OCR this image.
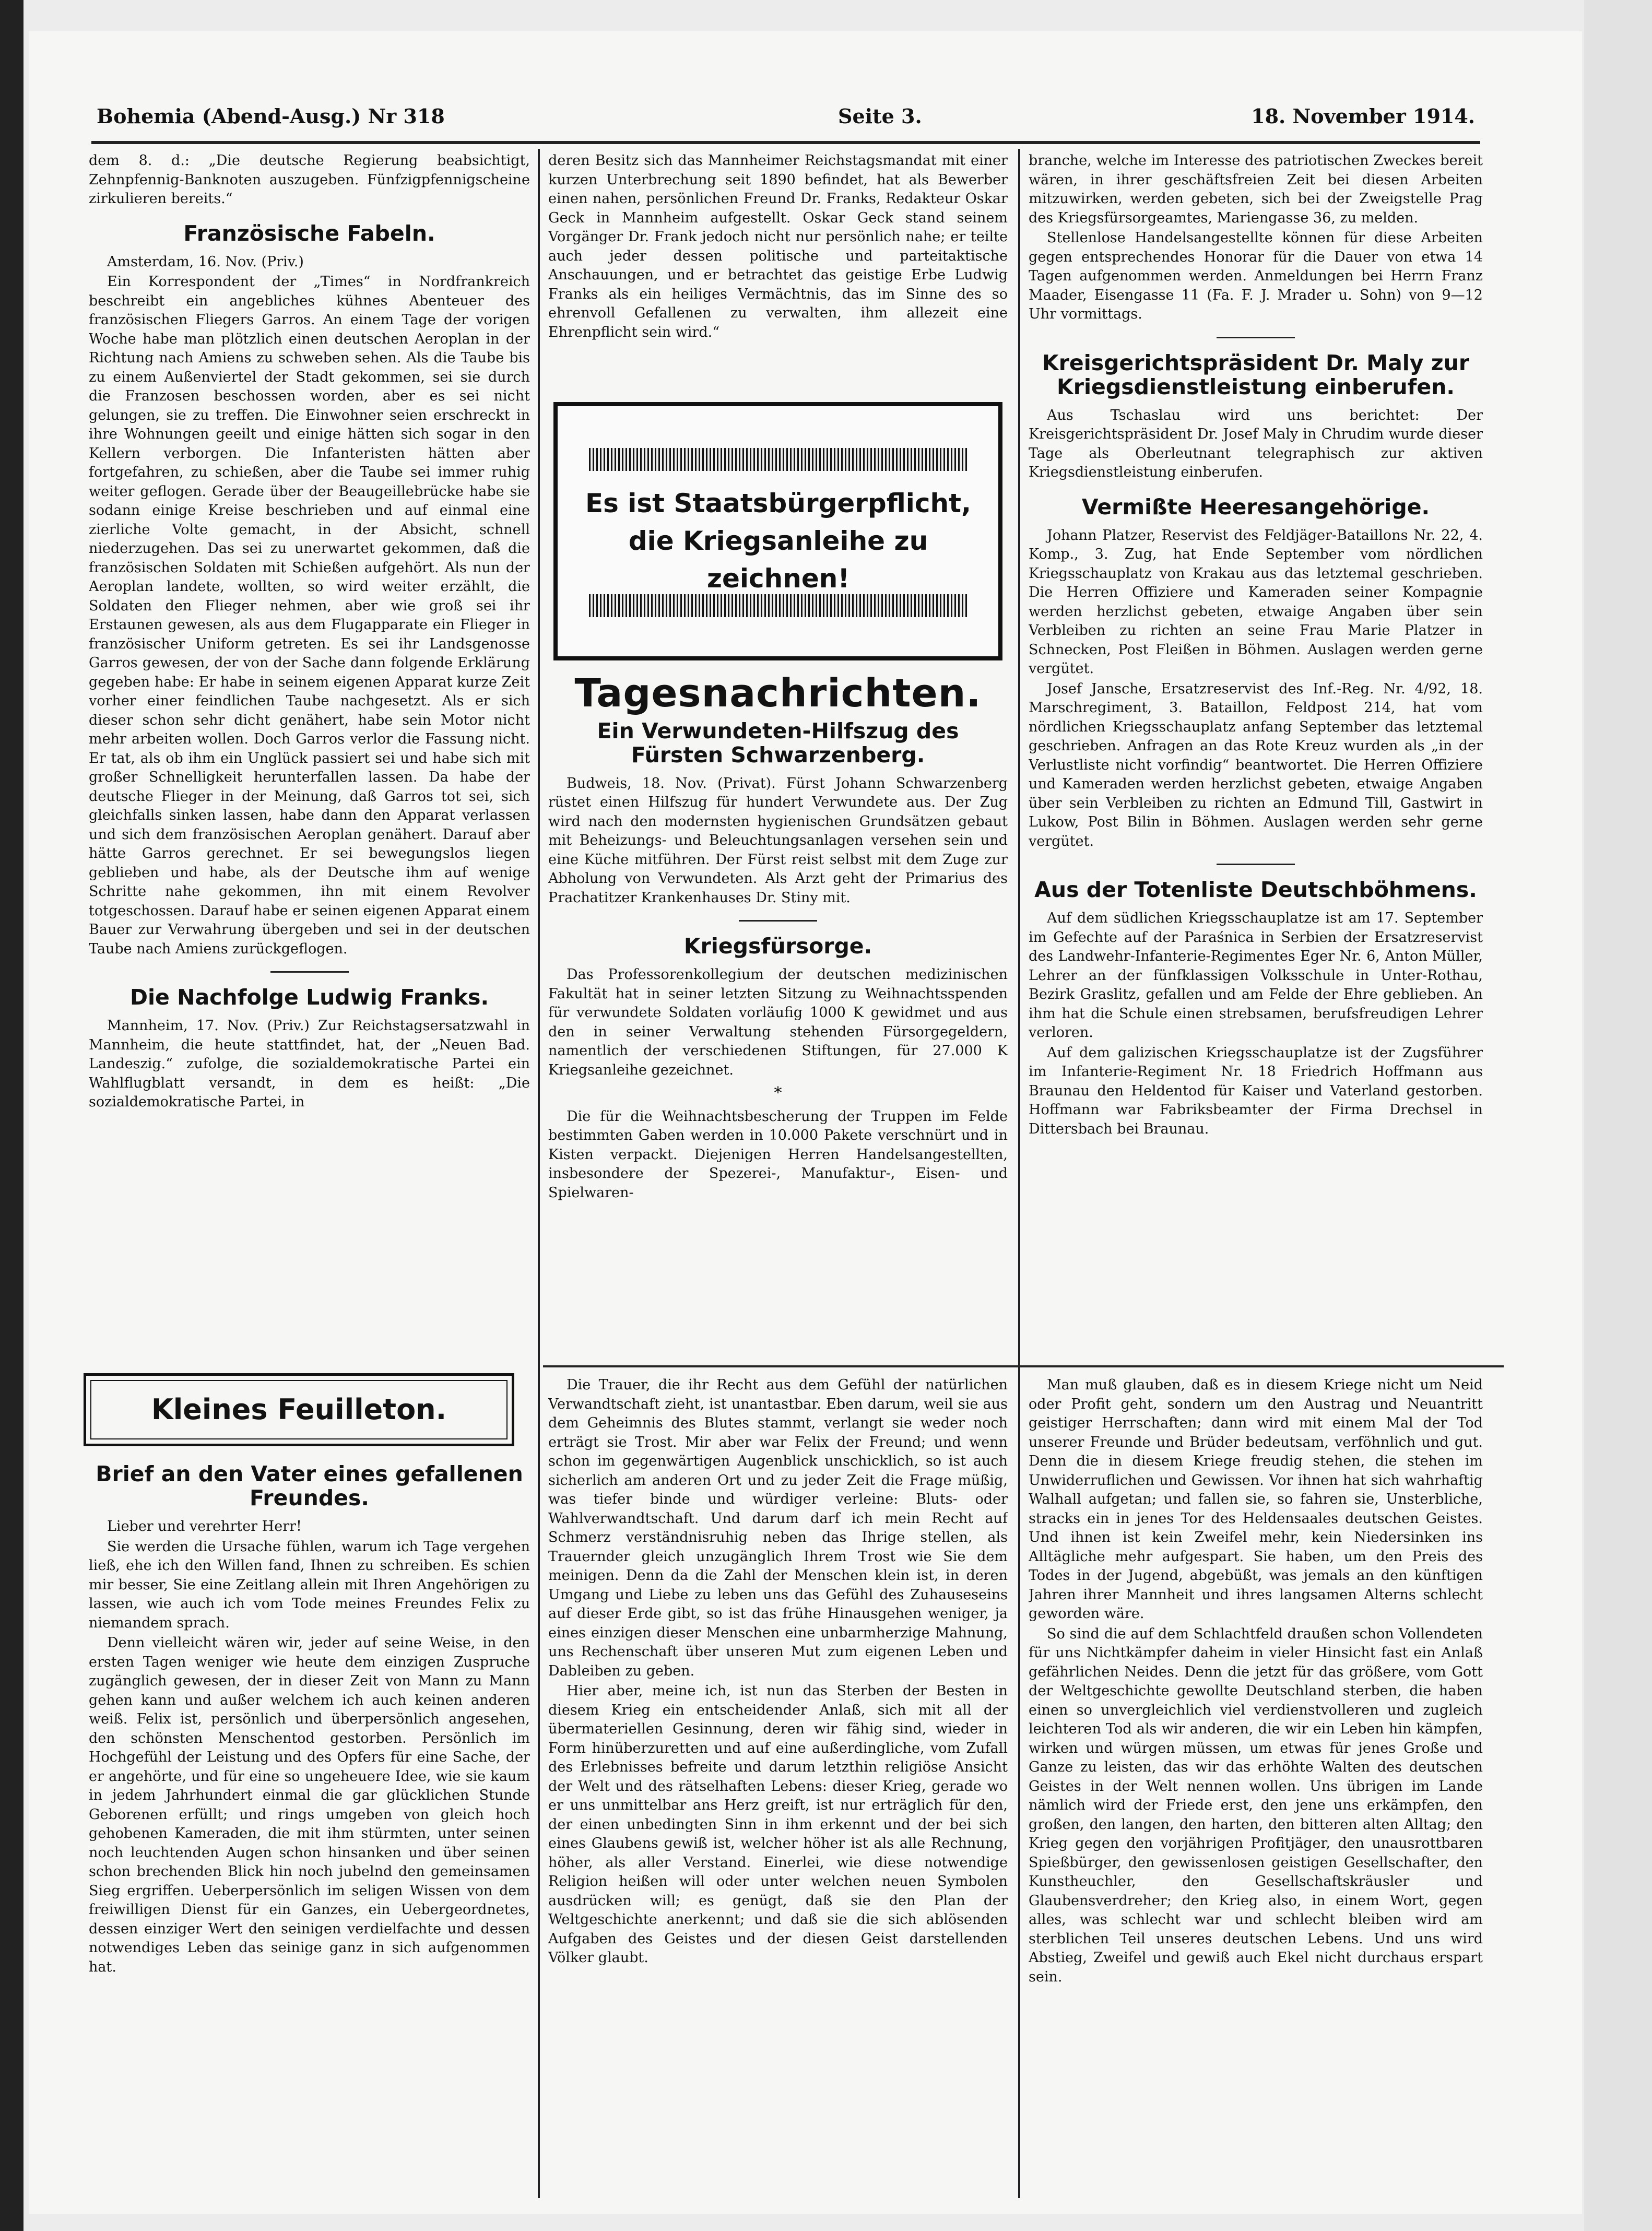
Bohemia (Abend-Ausg.) Nr 318	Seite 3.	18. November 1914.

dem 8. d.: „Die deutsche Regierung beabsichtigt, Zehnpfennig-Banknoten auszugeben. Fünfzigpfennigscheine zirkulieren bereits.“

Französische Fabeln.

Amsterdam, 16. Nov. (Priv.)

Ein Korrespondent der „Times“ in Nordfrankreich beschreibt ein angebliches kühnes Abenteuer des französischen Fliegers Garros. An einem Tage der vorigen Woche habe man plötzlich einen deutschen Aeroplan in der Richtung nach Amiens zu schweben sehen. Als die Taube bis zu einem Außenviertel der Stadt gekommen, sei sie durch die Franzosen beschossen worden, aber es sei nicht gelungen, sie zu treffen. Die Einwohner seien erschreckt in ihre Wohnungen geeilt und einige hätten sich sogar in den Kellern verborgen. Die Infanteristen hätten aber fortgefahren, zu schießen, aber die Taube sei immer ruhig weiter geflogen. Gerade über der Beaugeillebrücke habe sie sodann einige Kreise beschrieben und auf einmal eine zierliche Volte gemacht, in der Absicht, schnell niederzugehen. Das sei zu unerwartet gekommen, daß die französischen Soldaten mit Schießen aufgehört. Als nun der Aeroplan landete, wollten, so wird weiter erzählt, die Soldaten den Flieger nehmen, aber wie groß sei ihr Erstaunen gewesen, als aus dem Flugapparate ein Flieger in französischer Uniform getreten. Es sei ihr Landsgenosse Garros gewesen, der von der Sache dann folgende Erklärung gegeben habe: Er habe in seinem eigenen Apparat kurze Zeit vorher einer feindlichen Taube nachgesetzt. Als er sich dieser schon sehr dicht genähert, habe sein Motor nicht mehr arbeiten wollen. Doch Garros verlor die Fassung nicht. Er tat, als ob ihm ein Unglück passiert sei und habe sich mit großer Schnelligkeit herunterfallen lassen. Da habe der deutsche Flieger in der Meinung, daß Garros tot sei, sich gleichfalls sinken lassen, habe dann den Apparat verlassen und sich dem französischen Aeroplan genähert. Darauf aber hätte Garros gerechnet. Er sei bewegungslos liegen geblieben und habe, als der Deutsche ihm auf wenige Schritte nahe gekommen, ihn mit einem Revolver totgeschossen. Darauf habe er seinen eigenen Apparat einem Bauer zur Verwahrung übergeben und sei in der deutschen Taube nach Amiens zurückgeflogen.

Die Nachfolge Ludwig Franks.

Mannheim, 17. Nov. (Priv.) Zur Reichstagsersatzwahl in Mannheim, die heute stattfindet, hat, der „Neuen Bad. Landeszig.“ zufolge, die sozialdemokratische Partei ein Wahlflugblatt versandt, in dem es heißt: „Die sozialdemokratische Partei, in

deren Besitz sich das Mannheimer Reichstagsmandat mit einer kurzen Unterbrechung seit 1890 befindet, hat als Bewerber einen nahen, persönlichen Freund Dr. Franks, Redakteur Oskar Geck in Mannheim aufgestellt. Oskar Geck stand seinem Vorgänger Dr. Frank jedoch nicht nur persönlich nahe; er teilte auch jeder dessen politische und parteitaktische Anschauungen, und er betrachtet das geistige Erbe Ludwig Franks als ein heiliges Vermächtnis, das im Sinne des so ehrenvoll Gefallenen zu verwalten, ihm allezeit eine Ehrenpflicht sein wird.“

Es ist Staatsbürgerpflicht, die Kriegsanleihe zu zeichnen!
Tagesnachrichten.
Ein Verwundeten-Hilfszug des Fürsten Schwarzenberg.

Budweis, 18. Nov. (Privat). Fürst Johann Schwarzenberg rüstet einen Hilfszug für hundert Verwundete aus. Der Zug wird nach den modernsten hygienischen Grundsätzen gebaut mit Beheizungs- und Beleuchtungsanlagen versehen sein und eine Küche mitführen. Der Fürst reist selbst mit dem Zuge zur Abholung von Verwundeten. Als Arzt geht der Primarius des Prachatitzer Krankenhauses Dr. Stiny mit.

Kriegsfürsorge.

Das Professorenkollegium der deutschen medizinischen Fakultät hat in seiner letzten Sitzung zu Weihnachtsspenden für verwundete Soldaten vorläufig 1000 K gewidmet und aus den in seiner Verwaltung stehenden Fürsorgegeldern, namentlich der verschiedenen Stiftungen, für 27.000 K Kriegsanleihe gezeichnet.

*

Die für die Weihnachtsbescherung der Truppen im Felde bestimmten Gaben werden in 10.000 Pakete verschnürt und in Kisten verpackt. Diejenigen Herren Handelsangestellten, insbesondere der Spezerei-, Manufaktur-, Eisen- und Spielwaren-

branche, welche im Interesse des patriotischen Zweckes bereit wären, in ihrer geschäftsfreien Zeit bei diesen Arbeiten mitzuwirken, werden gebeten, sich bei der Zweigstelle Prag des Kriegsfürsorgeamtes, Mariengasse 36, zu melden.

Stellenlose Handelsangestellte können für diese Arbeiten gegen entsprechendes Honorar für die Dauer von etwa 14 Tagen aufgenommen werden. Anmeldungen bei Herrn Franz Maader, Eisengasse 11 (Fa. F. J. Mrader u. Sohn) von 9—12 Uhr vormittags.

Kreisgerichtspräsident Dr. Maly zur Kriegsdienstleistung einberufen.

Aus Tschaslau wird uns berichtet: Der Kreisgerichtspräsident Dr. Josef Maly in Chrudim wurde dieser Tage als Oberleutnant telegraphisch zur aktiven Kriegsdienstleistung einberufen.

Vermißte Heeresangehörige.

Johann Platzer, Reservist des Feldjäger-Bataillons Nr. 22, 4. Komp., 3. Zug, hat Ende September vom nördlichen Kriegsschauplatz von Krakau aus das letztemal geschrieben. Die Herren Offiziere und Kameraden seiner Kompagnie werden herzlichst gebeten, etwaige Angaben über sein Verbleiben zu richten an seine Frau Marie Platzer in Schnecken, Post Fleißen in Böhmen. Auslagen werden gerne vergütet.

Josef Jansche, Ersatzreservist des Inf.-Reg. Nr. 4/92, 18. Marschregiment, 3. Bataillon, Feldpost 214, hat vom nördlichen Kriegsschauplatz anfang September das letztemal geschrieben. Anfragen an das Rote Kreuz wurden als „in der Verlustliste nicht vorfindig“ beantwortet. Die Herren Offiziere und Kameraden werden herzlichst gebeten, etwaige Angaben über sein Verbleiben zu richten an Edmund Till, Gastwirt in Lukow, Post Bilin in Böhmen. Auslagen werden sehr gerne vergütet.

Aus der Totenliste Deutschböhmens.

Auf dem südlichen Kriegsschauplatze ist am 17. September im Gefechte auf der Paraśnica in Serbien der Ersatzreservist des Landwehr-Infanterie-Regimentes Eger Nr. 6, Anton Müller, Lehrer an der fünfklassigen Volksschule in Unter-Rothau, Bezirk Graslitz, gefallen und am Felde der Ehre geblieben. An ihm hat die Schule einen strebsamen, berufsfreudigen Lehrer verloren.

Auf dem galizischen Kriegsschauplatze ist der Zugsführer im Infanterie-Regiment Nr. 18 Friedrich Hoffmann aus Braunau den Heldentod für Kaiser und Vaterland gestorben. Hoffmann war Fabriksbeamter der Firma Drechsel in Dittersbach bei Braunau.

Kleines Feuilleton.
Brief an den Vater eines gefallenen Freundes.

Lieber und verehrter Herr!

Sie werden die Ursache fühlen, warum ich Tage vergehen ließ, ehe ich den Willen fand, Ihnen zu schreiben. Es schien mir besser, Sie eine Zeitlang allein mit Ihren Angehörigen zu lassen, wie auch ich vom Tode meines Freundes Felix zu niemandem sprach.

Denn vielleicht wären wir, jeder auf seine Weise, in den ersten Tagen weniger wie heute dem einzigen Zuspruche zugänglich gewesen, der in dieser Zeit von Mann zu Mann gehen kann und außer welchem ich auch keinen anderen weiß. Felix ist, persönlich und überpersönlich angesehen, den schönsten Menschentod gestorben. Persönlich im Hochgefühl der Leistung und des Opfers für eine Sache, der er angehörte, und für eine so ungeheuere Idee, wie sie kaum in jedem Jahrhundert einmal die gar glücklichen Stunde Geborenen erfüllt; und rings umgeben von gleich hoch gehobenen Kameraden, die mit ihm stürmten, unter seinen noch leuchtenden Augen schon hinsanken und über seinen schon brechenden Blick hin noch jubelnd den gemeinsamen Sieg ergriffen. Ueberpersönlich im seligen Wissen von dem freiwilligen Dienst für ein Ganzes, ein Uebergeordnetes, dessen einziger Wert den seinigen verdielfachte und dessen notwendiges Leben das seinige ganz in sich aufgenommen hat.

Die Trauer, die ihr Recht aus dem Gefühl der natürlichen Verwandtschaft zieht, ist unantastbar. Eben darum, weil sie aus dem Geheimnis des Blutes stammt, verlangt sie weder noch erträgt sie Trost. Mir aber war Felix der Freund; und wenn schon im gegenwärtigen Augenblick unschicklich, so ist auch sicherlich am anderen Ort und zu jeder Zeit die Frage müßig, was tiefer binde und würdiger verleine: Bluts- oder Wahlverwandtschaft. Und darum darf ich mein Recht auf Schmerz verständnisruhig neben das Ihrige stellen, als Trauernder gleich unzugänglich Ihrem Trost wie Sie dem meinigen. Denn da die Zahl der Menschen klein ist, in deren Umgang und Liebe zu leben uns das Gefühl des Zuhauseseins auf dieser Erde gibt, so ist das frühe Hinausgehen weniger, ja eines einzigen dieser Menschen eine unbarmherzige Mahnung, uns Rechenschaft über unseren Mut zum eigenen Leben und Dableiben zu geben.

Hier aber, meine ich, ist nun das Sterben der Besten in diesem Krieg ein entscheidender Anlaß, sich mit all der übermateriellen Gesinnung, deren wir fähig sind, wieder in Form hinüberzuretten und auf eine außerdingliche, vom Zufall des Erlebnisses befreite und darum letzthin religiöse Ansicht der Welt und des rätselhaften Lebens: dieser Krieg, gerade wo er uns unmittelbar ans Herz greift, ist nur erträglich für den, der einen unbedingten Sinn in ihm erkennt und der bei sich eines Glaubens gewiß ist, welcher höher ist als alle Rechnung, höher, als aller Verstand. Einerlei, wie diese notwendige Religion heißen will oder unter welchen neuen Symbolen ausdrücken will; es genügt, daß sie den Plan der Weltgeschichte anerkennt; und daß sie die sich ablösenden Aufgaben des Geistes und der diesen Geist darstellenden Völker glaubt.

Man muß glauben, daß es in diesem Kriege nicht um Neid oder Profit geht, sondern um den Austrag und Neuantritt geistiger Herrschaften; dann wird mit einem Mal der Tod unserer Freunde und Brüder bedeutsam, verföhnlich und gut. Denn die in diesem Kriege freudig stehen, die stehen im Unwiderruflichen und Gewissen. Vor ihnen hat sich wahrhaftig Walhall aufgetan; und fallen sie, so fahren sie, Unsterbliche, stracks ein in jenes Tor des Heldensaales deutschen Geistes. Und ihnen ist kein Zweifel mehr, kein Niedersinken ins Alltägliche mehr aufgespart. Sie haben, um den Preis des Todes in der Jugend, abgebüßt, was jemals an den künftigen Jahren ihrer Mannheit und ihres langsamen Alterns schlecht geworden wäre.

So sind die auf dem Schlachtfeld draußen schon Vollendeten für uns Nichtkämpfer daheim in vieler Hinsicht fast ein Anlaß gefährlichen Neides. Denn die jetzt für das größere, vom Gott der Weltgeschichte gewollte Deutschland sterben, die haben einen so unvergleichlich viel verdienstvolleren und zugleich leichteren Tod als wir anderen, die wir ein Leben hin kämpfen, wirken und würgen müssen, um etwas für jenes Große und Ganze zu leisten, das wir das erhöhte Walten des deutschen Geistes in der Welt nennen wollen. Uns übrigen im Lande nämlich wird der Friede erst, den jene uns erkämpfen, den großen, den langen, den harten, den bitteren alten Alltag; den Krieg gegen den vorjährigen Profitjäger, den unausrottbaren Spießbürger, den gewissenlosen geistigen Gesellschafter, den Kunstheuchler, den Gesellschaftskräusler und Glaubensverdreher; den Krieg also, in einem Wort, gegen alles, was schlecht war und schlecht bleiben wird am sterblichen Teil unseres deutschen Lebens. Und uns wird Abstieg, Zweifel und gewiß auch Ekel nicht durchaus erspart sein.
